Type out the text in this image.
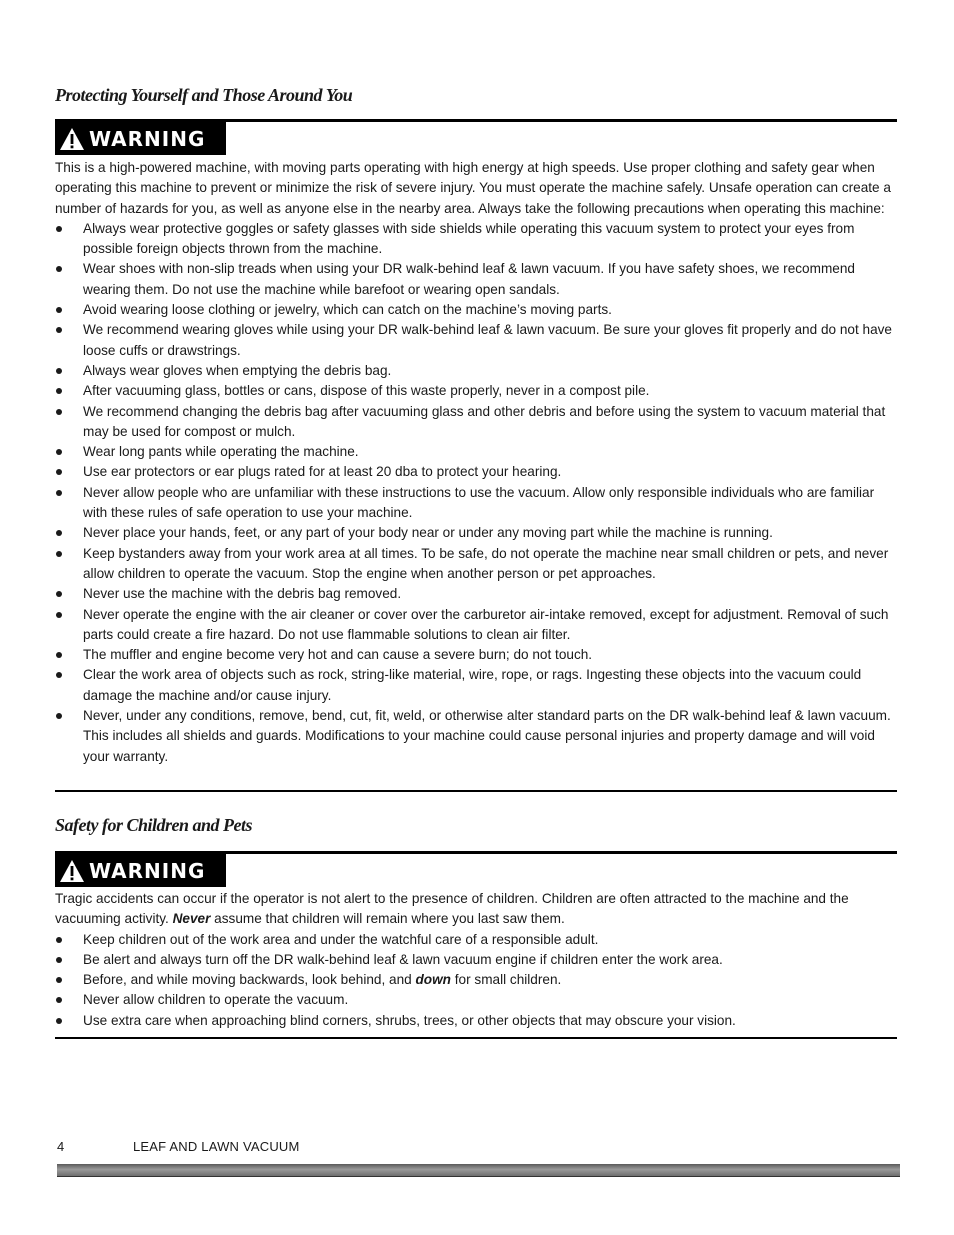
Protecting Yourself and Those Around You
WARNING

This is a high-powered machine, with moving parts operating with high energy at high speeds. Use proper clothing and safety gear when operating this machine to prevent or minimize the risk of severe injury. You must operate the machine safely. Unsafe operation can create a number of hazards for you, as well as anyone else in the nearby area. Always take the following precautions when operating this machine:

Always wear protective goggles or safety glasses with side shields while operating this vacuum system to protect your eyes from possible foreign objects thrown from the machine.
Wear shoes with non-slip treads when using your DR walk-behind leaf & lawn vacuum. If you have safety shoes, we recommend wearing them. Do not use the machine while barefoot or wearing open sandals.
Avoid wearing loose clothing or jewelry, which can catch on the machine’s moving parts.
We recommend wearing gloves while using your DR walk-behind leaf & lawn vacuum. Be sure your gloves fit properly and do not have loose cuffs or drawstrings.
Always wear gloves when emptying the debris bag.
After vacuuming glass, bottles or cans, dispose of this waste properly, never in a compost pile.
We recommend changing the debris bag after vacuuming glass and other debris and before using the system to vacuum material that may be used for compost or mulch.
Wear long pants while operating the machine.
Use ear protectors or ear plugs rated for at least 20 dba to protect your hearing.
Never allow people who are unfamiliar with these instructions to use the vacuum. Allow only responsible individuals who are familiar with these rules of safe operation to use your machine.
Never place your hands, feet, or any part of your body near or under any moving part while the machine is running.
Keep bystanders away from your work area at all times. To be safe, do not operate the machine near small children or pets, and never allow children to operate the vacuum. Stop the engine when another person or pet approaches.
Never use the machine with the debris bag removed.
Never operate the engine with the air cleaner or cover over the carburetor air-intake removed, except for adjustment. Removal of such parts could create a fire hazard. Do not use flammable solutions to clean air filter.
The muffler and engine become very hot and can cause a severe burn; do not touch.
Clear the work area of objects such as rock, string-like material, wire, rope, or rags. Ingesting these objects into the vacuum could damage the machine and/or cause injury.
Never, under any conditions, remove, bend, cut, fit, weld, or otherwise alter standard parts on the DR walk-behind leaf & lawn vacuum. This includes all shields and guards. Modifications to your machine could cause personal injuries and property damage and will void your warranty.
Safety for Children and Pets
WARNING

Tragic accidents can occur if the operator is not alert to the presence of children. Children are often attracted to the machine and the vacuuming activity. Never assume that children will remain where you last saw them.

Keep children out of the work area and under the watchful care of a responsible adult.
Be alert and always turn off the DR walk-behind leaf & lawn vacuum engine if children enter the work area.
Before, and while moving backwards, look behind, and down for small children.
Never allow children to operate the vacuum.
Use extra care when approaching blind corners, shrubs, trees, or other objects that may obscure your vision.
4	LEAF AND LAWN VACUUM
